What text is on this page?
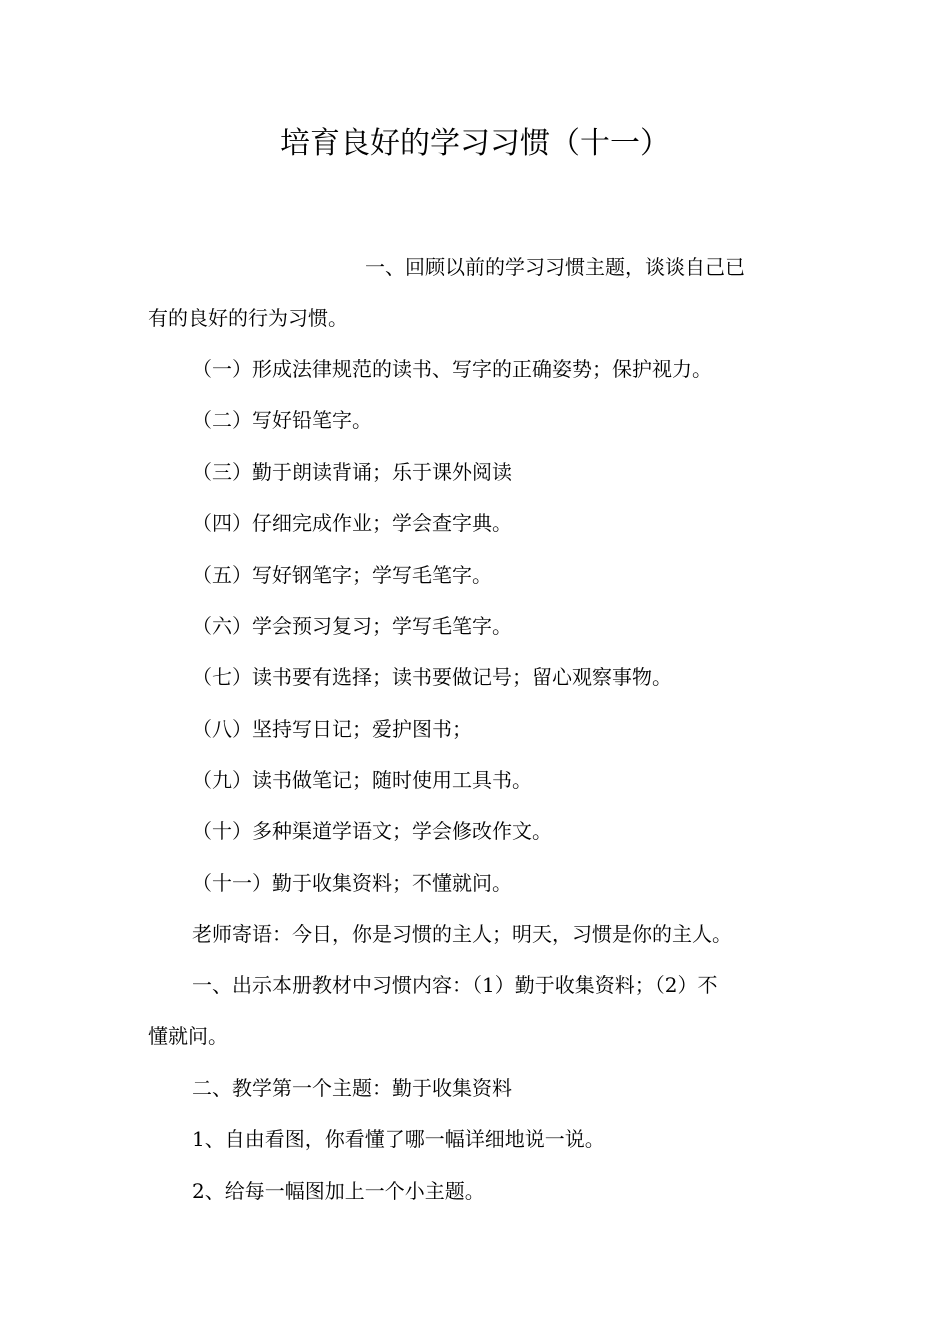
培育良好的学习习惯（十一）
一、回顾以前的学习习惯主题，谈谈自己已
有的良好的行为习惯。
（一）形成法律规范的读书、写字的正确姿势；保护视力。
（二）写好铅笔字。
（三）勤于朗读背诵；乐于课外阅读
（四）仔细完成作业；学会查字典。
（五）写好钢笔字；学写毛笔字。
（六）学会预习复习；学写毛笔字。
（七）读书要有选择；读书要做记号；留心观察事物。
（八）坚持写日记；爱护图书；
（九）读书做笔记；随时使用工具书。
（十）多种渠道学语文；学会修改作文。
（十一）勤于收集资料；不懂就问。
老师寄语：今日，你是习惯的主人；明天，习惯是你的主人。
一、出示本册教材中习惯内容：（1）勤于收集资料；（2）不
懂就问。
二、教学第一个主题：勤于收集资料
1、自由看图，你看懂了哪一幅详细地说一说。
2、给每一幅图加上一个小主题。
